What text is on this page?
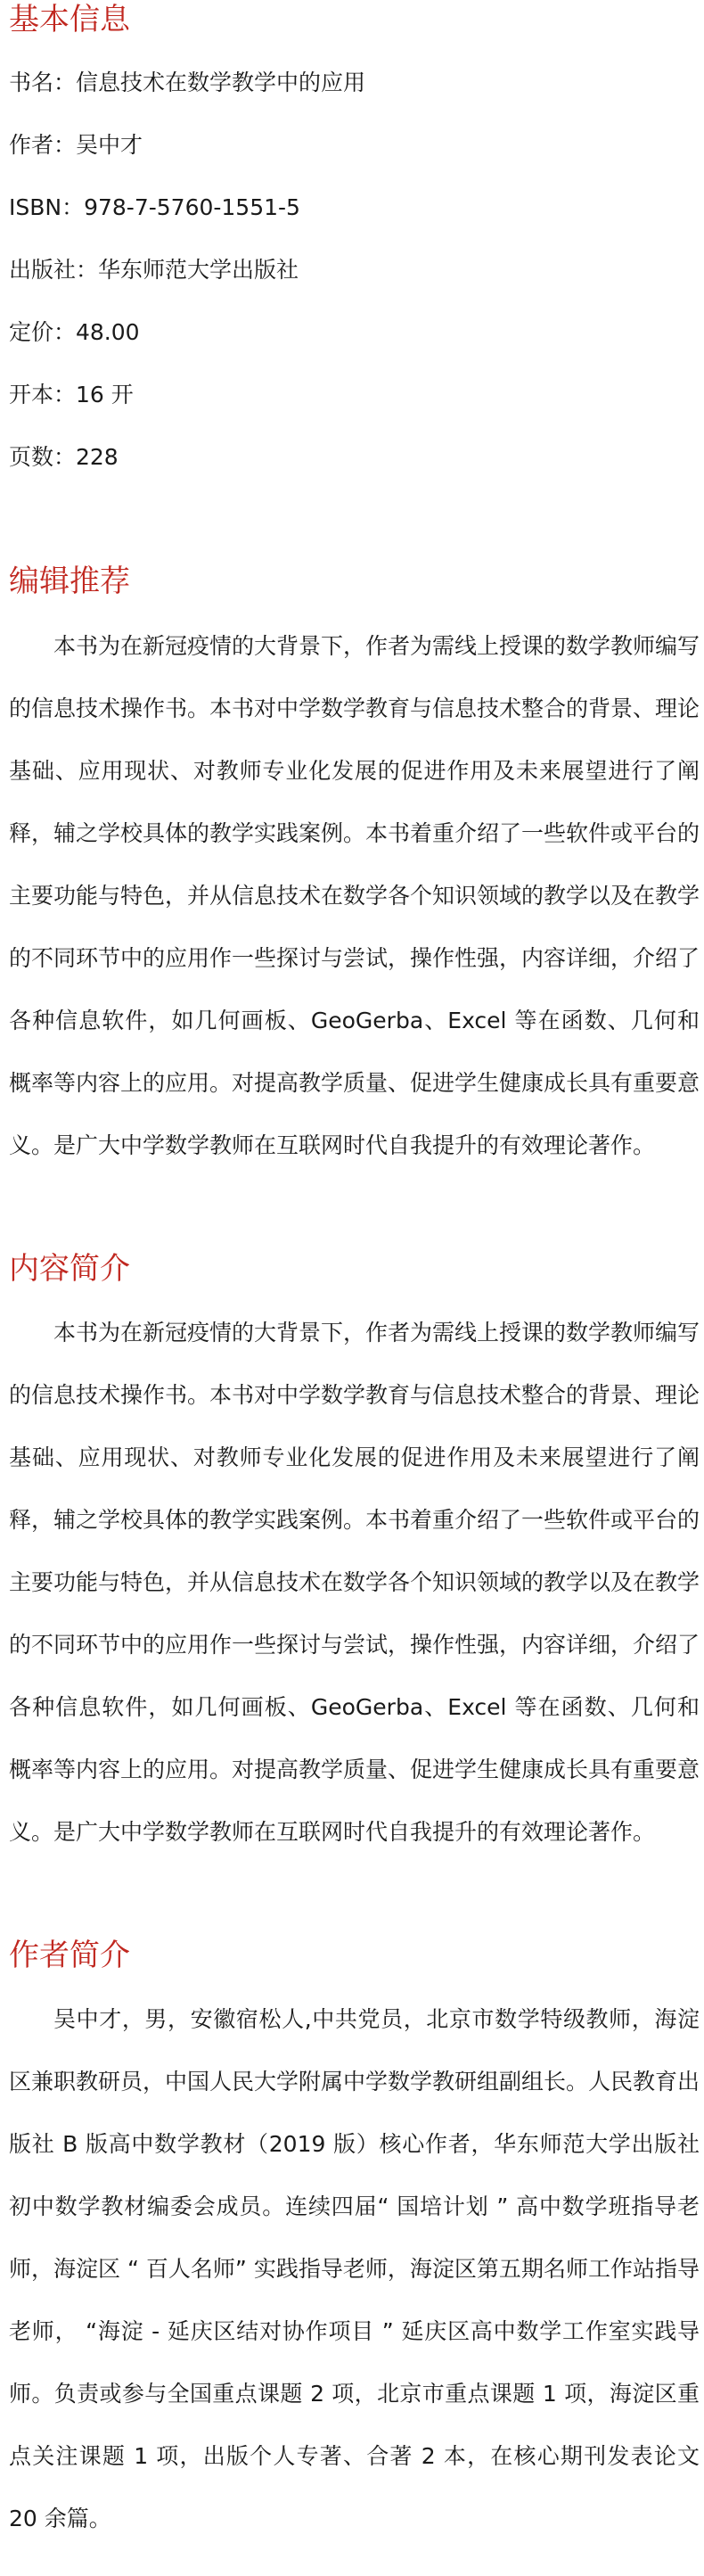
基本信息
书名：信息技术在数学教学中的应用
作者：吴中才
ISBN：978-7-5760-1551-5
出版社：华东师范大学出版社
定价：48.00
开本：16 开
页数：228
编辑推荐

本书为在新冠疫情的大背景下，作者为需线上授课的数学教师编写的信息技术操作书。本书对中学数学教育与信息技术整合的背景、理论基础、应用现状、对教师专业化发展的促进作用及未来展望进行了阐释，辅之学校具体的教学实践案例。本书着重介绍了一些软件或平台的主要功能与特色，并从信息技术在数学各个知识领域的教学以及在教学的不同环节中的应用作一些探讨与尝试，操作性强，内容详细，介绍了各种信息软件，如几何画板、GeoGerba、Excel 等在函数、几何和概率等内容上的应用。对提高教学质量、促进学生健康成长具有重要意义。是广大中学数学教师在互联网时代自我提升的有效理论著作。

内容简介

本书为在新冠疫情的大背景下，作者为需线上授课的数学教师编写的信息技术操作书。本书对中学数学教育与信息技术整合的背景、理论基础、应用现状、对教师专业化发展的促进作用及未来展望进行了阐释，辅之学校具体的教学实践案例。本书着重介绍了一些软件或平台的主要功能与特色，并从信息技术在数学各个知识领域的教学以及在教学的不同环节中的应用作一些探讨与尝试，操作性强，内容详细，介绍了各种信息软件，如几何画板、GeoGerba、Excel 等在函数、几何和概率等内容上的应用。对提高教学质量、促进学生健康成长具有重要意义。是广大中学数学教师在互联网时代自我提升的有效理论著作。

作者简介

吴中才，男，安徽宿松人,中共党员，北京市数学特级教师，海淀区兼职教研员，中国人民大学附属中学数学教研组副组长。人民教育出版社 B 版高中数学教材（2019 版）核心作者，华东师范大学出版社初中数学教材编委会成员。连续四届“ 国培计划 ” 高中数学班指导老师，海淀区 “ 百人名师” 实践指导老师，海淀区第五期名师工作站指导老师， “海淀 - 延庆区结对协作项目 ” 延庆区高中数学工作室实践导师。负责或参与全国重点课题 2 项，北京市重点课题 1 项，海淀区重点关注课题 1 项，出版个人专著、合著 2 本，在核心期刊发表论文 20 余篇。
